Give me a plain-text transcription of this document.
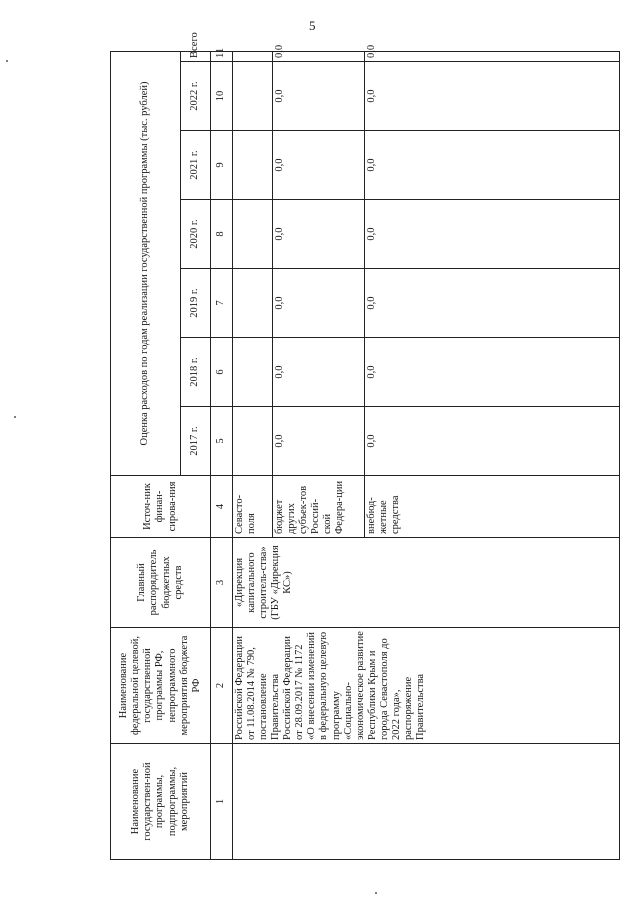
5
Наименование государствен-ной программы, подпрограммы, мероприятий	Наименование федеральной целевой, государственной программы РФ, непрограммного мероприятия бюджета РФ	Главный распорядитель бюджетных средств	Источ-ник финан-сирова-ния	Оценка расходов по годам реализации государственной программы (тыс. рублей)						
				2017 г.	2018 г.	2019 г.	2020 г.	2021 г.	2022 г.	Всего

1	2	3	4	5	6	7	8	9	10	11
	Российской Федерации от 11.08.2014 № 790, постановление Правительства Российской Федерации от 28.09.2017 № 1172 «О внесении изменений в федеральную целевую программу «Социально-экономическое развитие Республики Крым и города Севастополя до 2022 года», распоряжение Правительства	«Дирекция капитального строитель-ства» (ГБУ «Дирекция КС»)	Севасто-поля							
			бюджет других субъек-тов Россий-ской Федера-ции	0,0	0,0	0,0	0,0	0,0	0,0	0,0
			внебюд-жетные средства	0,0	0,0	0,0	0,0	0,0	0,0	0,0
